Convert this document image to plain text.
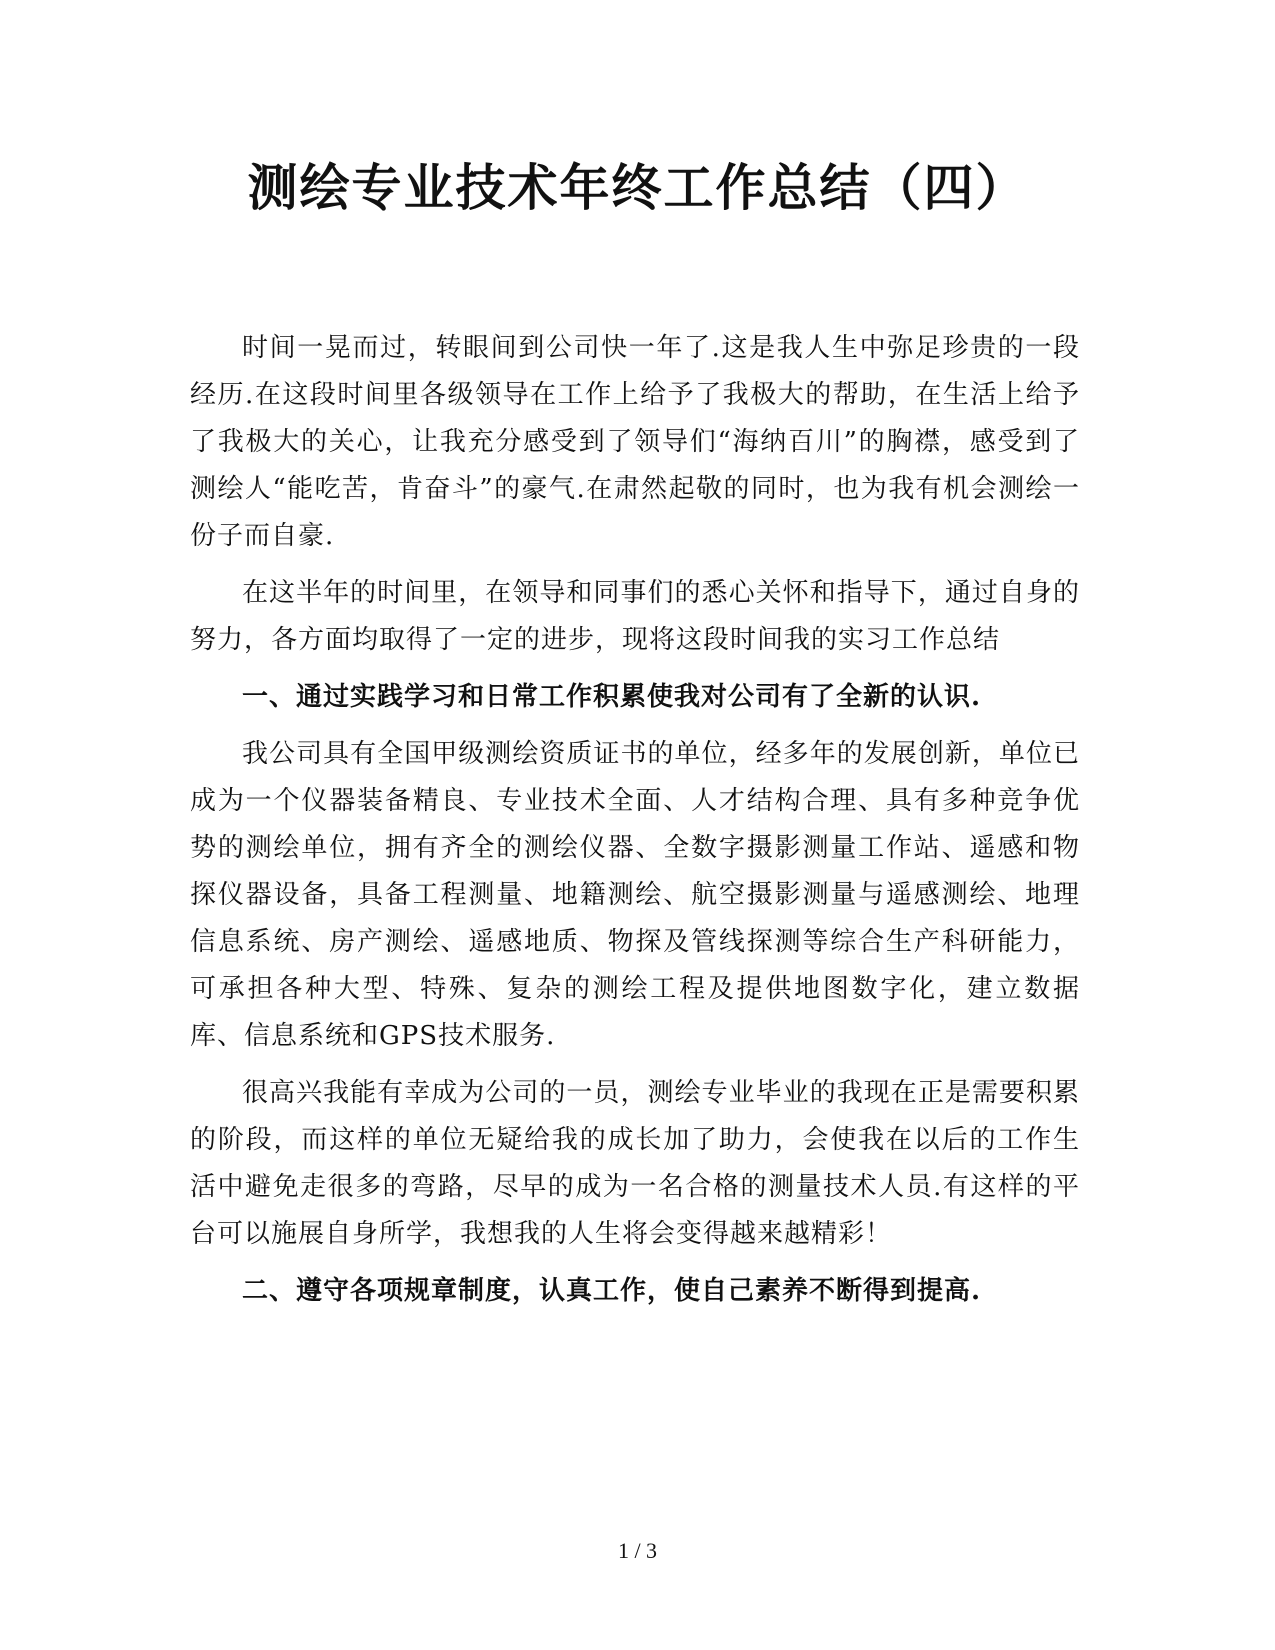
测绘专业技术年终工作总结（四）

时间一晃而过，转眼间到公司快一年了.这是我人生中弥足珍贵的一段经历.在这段时间里各级领导在工作上给予了我极大的帮助，在生活上给予了我极大的关心，让我充分感受到了领导们“海纳百川”的胸襟，感受到了测绘人“能吃苦，肯奋斗”的豪气.在肃然起敬的同时，也为我有机会测绘一份子而自豪.

在这半年的时间里，在领导和同事们的悉心关怀和指导下，通过自身的努力，各方面均取得了一定的进步，现将这段时间我的实习工作总结

一、通过实践学习和日常工作积累使我对公司有了全新的认识.

我公司具有全国甲级测绘资质证书的单位，经多年的发展创新，单位已成为一个仪器装备精良、专业技术全面、人才结构合理、具有多种竞争优势的测绘单位，拥有齐全的测绘仪器、全数字摄影测量工作站、遥感和物探仪器设备，具备工程测量、地籍测绘、航空摄影测量与遥感测绘、地理信息系统、房产测绘、遥感地质、物探及管线探测等综合生产科研能力，可承担各种大型、特殊、复杂的测绘工程及提供地图数字化，建立数据库、信息系统和GPS技术服务.

很高兴我能有幸成为公司的一员，测绘专业毕业的我现在正是需要积累的阶段，而这样的单位无疑给我的成长加了助力，会使我在以后的工作生活中避免走很多的弯路，尽早的成为一名合格的测量技术人员.有这样的平台可以施展自身所学，我想我的人生将会变得越来越精彩！

二、遵守各项规章制度，认真工作，使自己素养不断得到提高.

1 / 3
